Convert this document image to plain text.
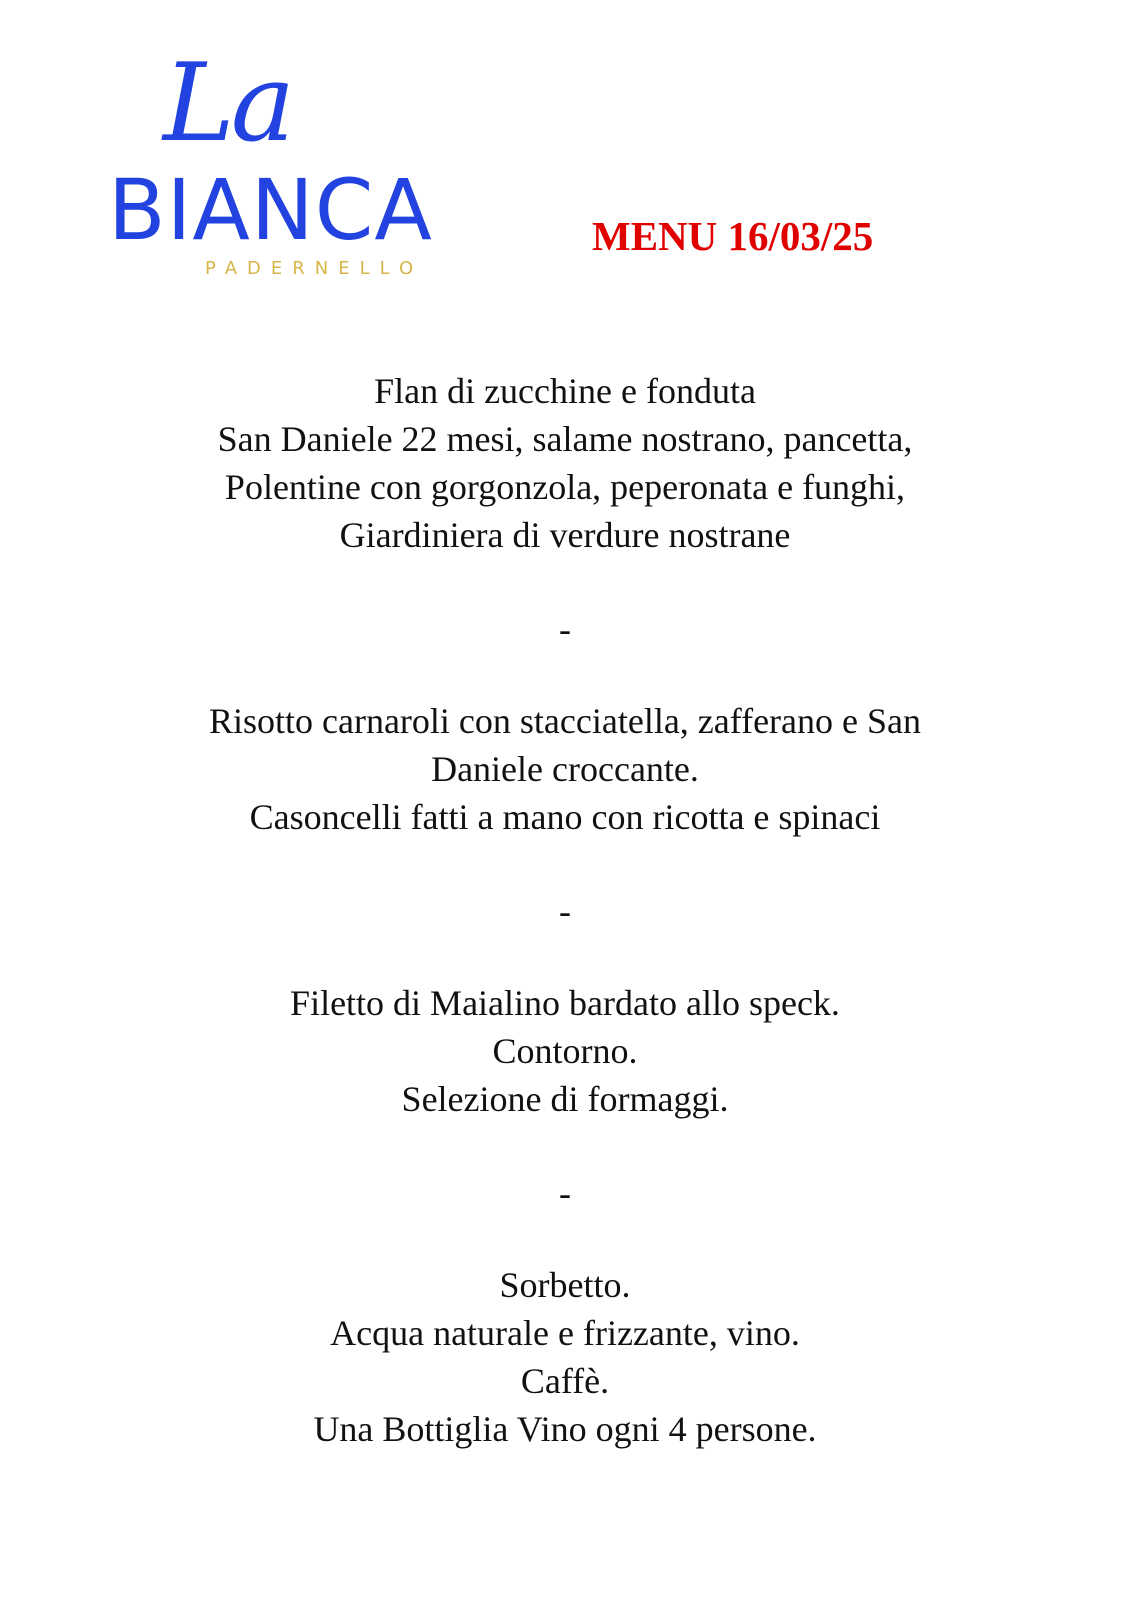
La
BIANCA
PADERNELLO
MENU 16/03/25
Flan di zucchine e fonduta
San Daniele 22 mesi, salame nostrano, pancetta,
Polentine con gorgonzola, peperonata e funghi,
Giardiniera di verdure nostrane
-
Risotto carnaroli con stacciatella, zafferano e San
Daniele croccante.
Casoncelli fatti a mano con ricotta e spinaci
-
Filetto di Maialino bardato allo speck.
Contorno.
Selezione di formaggi.
-
Sorbetto.
Acqua naturale e frizzante, vino.
Caffè.
Una Bottiglia Vino ogni 4 persone.
